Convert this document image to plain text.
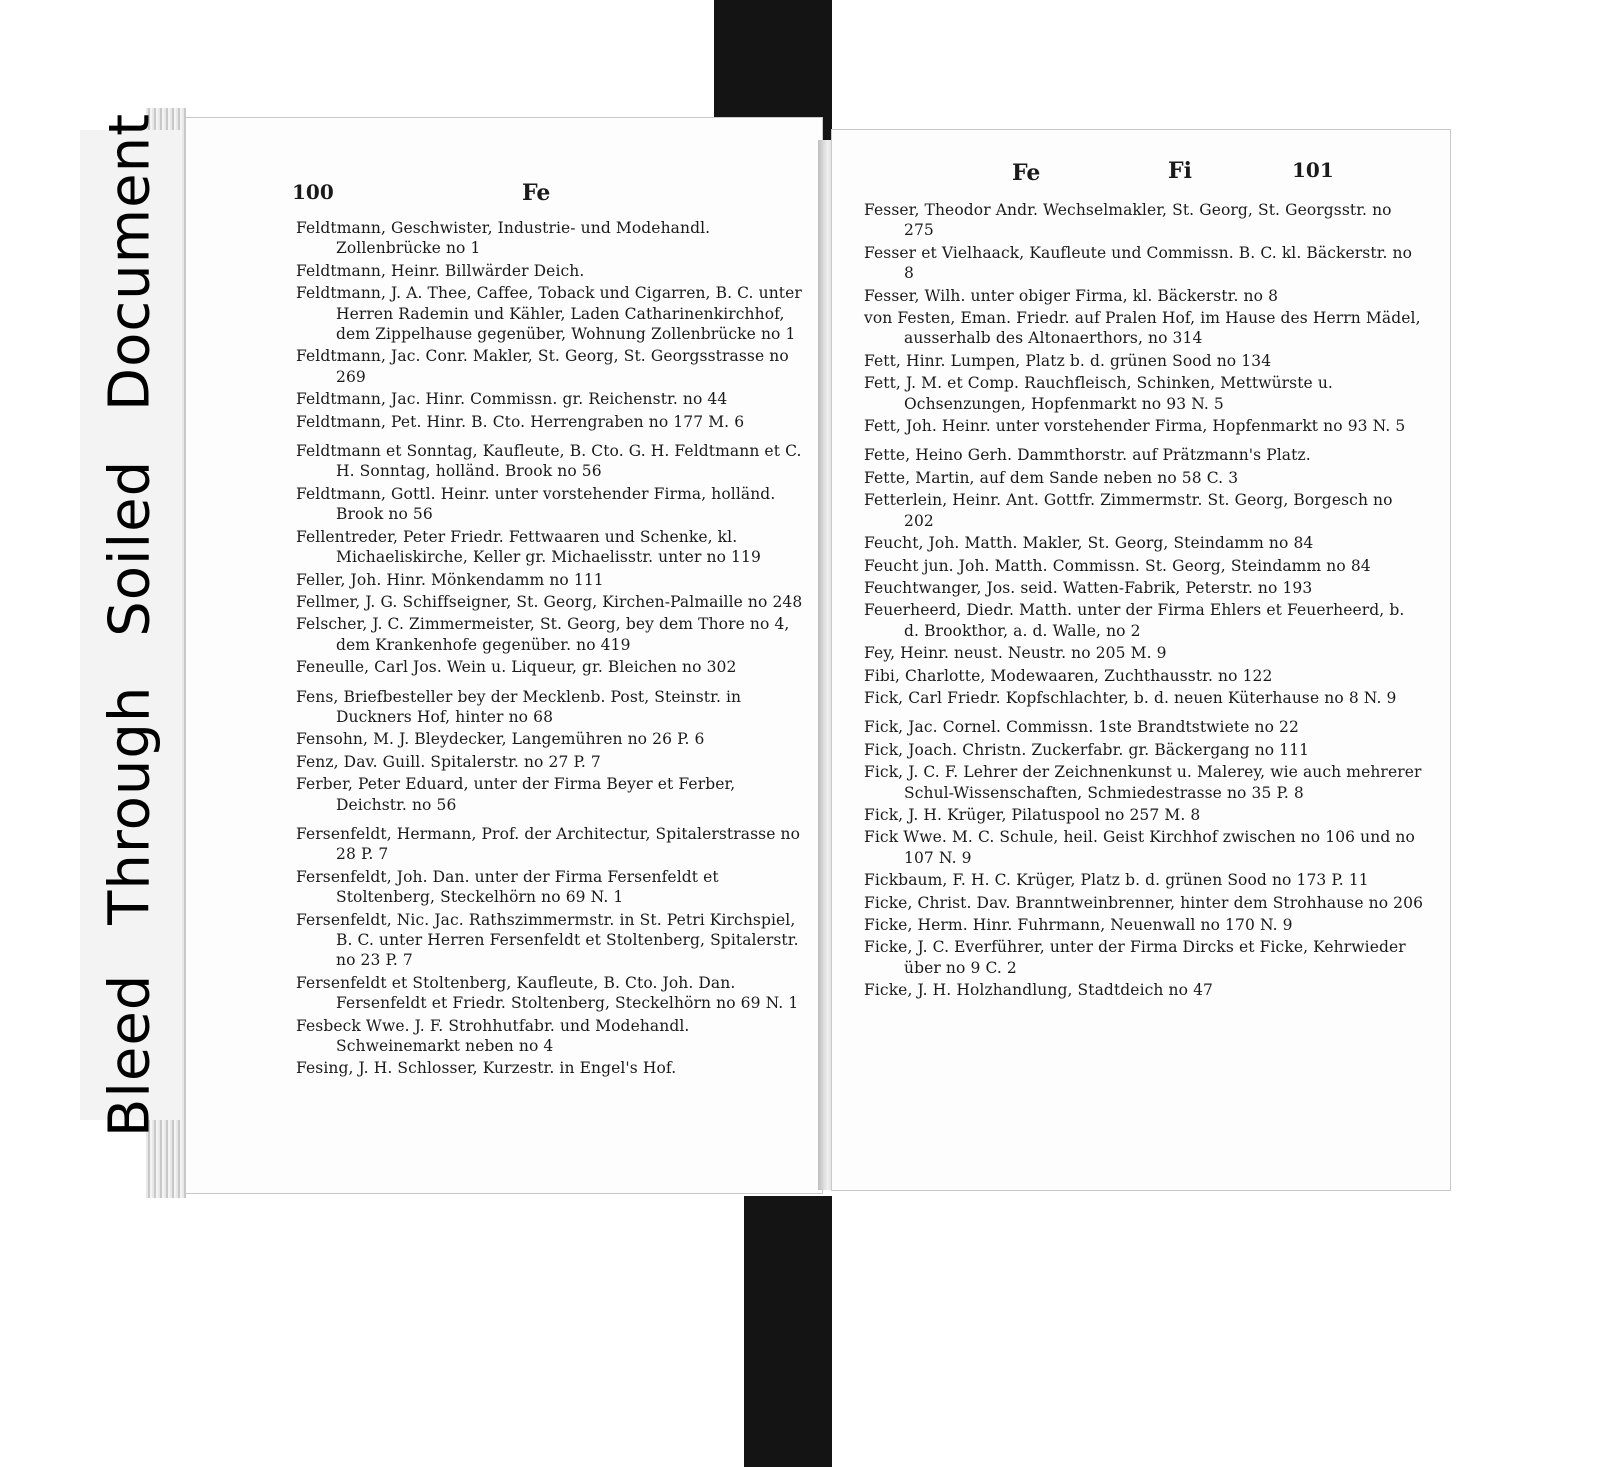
100	Fe
Feldtmann, Geschwister, Industrie- und Modehandl. Zollenbrücke no 1
Feldtmann, Heinr. Billwärder Deich.
Feldtmann, J. A. Thee, Caffee, Toback und Cigarren, B. C. unter Herren Rademin und Kähler, Laden Catharinenkirchhof, dem Zippelhause gegenüber, Wohnung Zollenbrücke no 1
Feldtmann, Jac. Conr. Makler, St. Georg, St. Georgsstrasse no 269
Feldtmann, Jac. Hinr. Commissn. gr. Reichenstr. no 44
Feldtmann, Pet. Hinr. B. Cto. Herrengraben no 177 M. 6
Feldtmann et Sonntag, Kaufleute, B. Cto. G. H. Feldtmann et C. H. Sonntag, holländ. Brook no 56
Feldtmann, Gottl. Heinr. unter vorstehender Firma, holländ. Brook no 56
Fellentreder, Peter Friedr. Fettwaaren und Schenke, kl. Michaeliskirche, Keller gr. Michaelisstr. unter no 119
Feller, Joh. Hinr. Mönkendamm no 111
Fellmer, J. G. Schiffseigner, St. Georg, Kirchen-Palmaille no 248
Felscher, J. C. Zimmermeister, St. Georg, bey dem Thore no 4, dem Krankenhofe gegenüber. no 419
Feneulle, Carl Jos. Wein u. Liqueur, gr. Bleichen no 302
Fens, Briefbesteller bey der Mecklenb. Post, Steinstr. in Duckners Hof, hinter no 68
Fensohn, M. J. Bleydecker, Langemühren no 26 P. 6
Fenz, Dav. Guill. Spitalerstr. no 27 P. 7
Ferber, Peter Eduard, unter der Firma Beyer et Ferber, Deichstr. no 56
Fersenfeldt, Hermann, Prof. der Architectur, Spitalerstrasse no 28 P. 7
Fersenfeldt, Joh. Dan. unter der Firma Fersenfeldt et Stoltenberg, Steckelhörn no 69 N. 1
Fersenfeldt, Nic. Jac. Rathszimmermstr. in St. Petri Kirchspiel, B. C. unter Herren Fersenfeldt et Stoltenberg, Spitalerstr. no 23 P. 7
Fersenfeldt et Stoltenberg, Kaufleute, B. Cto. Joh. Dan. Fersenfeldt et Friedr. Stoltenberg, Steckelhörn no 69 N. 1
Fesbeck Wwe. J. F. Strohhutfabr. und Modehandl. Schweinemarkt neben no 4
Fesing, J. H. Schlosser, Kurzestr. in Engel's Hof.
Fe	Fi	101
Fesser, Theodor Andr. Wechselmakler, St. Georg, St. Georgsstr. no 275
Fesser et Vielhaack, Kaufleute und Commissn. B. C. kl. Bäckerstr. no 8
Fesser, Wilh. unter obiger Firma, kl. Bäckerstr. no 8
von Festen, Eman. Friedr. auf Pralen Hof, im Hause des Herrn Mädel, ausserhalb des Altonaerthors, no 314
Fett, Hinr. Lumpen, Platz b. d. grünen Sood no 134
Fett, J. M. et Comp. Rauchfleisch, Schinken, Mettwürste u. Ochsenzungen, Hopfenmarkt no 93 N. 5
Fett, Joh. Heinr. unter vorstehender Firma, Hopfenmarkt no 93 N. 5
Fette, Heino Gerh. Dammthorstr. auf Prätzmann's Platz.
Fette, Martin, auf dem Sande neben no 58 C. 3
Fetterlein, Heinr. Ant. Gottfr. Zimmermstr. St. Georg, Borgesch no 202
Feucht, Joh. Matth. Makler, St. Georg, Steindamm no 84
Feucht jun. Joh. Matth. Commissn. St. Georg, Steindamm no 84
Feuchtwanger, Jos. seid. Watten-Fabrik, Peterstr. no 193
Feuerheerd, Diedr. Matth. unter der Firma Ehlers et Feuerheerd, b. d. Brookthor, a. d. Walle, no 2
Fey, Heinr. neust. Neustr. no 205 M. 9
Fibi, Charlotte, Modewaaren, Zuchthausstr. no 122
Fick, Carl Friedr. Kopfschlachter, b. d. neuen Küterhause no 8 N. 9
Fick, Jac. Cornel. Commissn. 1ste Brandtstwiete no 22
Fick, Joach. Christn. Zuckerfabr. gr. Bäckergang no 111
Fick, J. C. F. Lehrer der Zeichnenkunst u. Malerey, wie auch mehrerer Schul-Wissenschaften, Schmiedestrasse no 35 P. 8
Fick, J. H. Krüger, Pilatuspool no 257 M. 8
Fick Wwe. M. C. Schule, heil. Geist Kirchhof zwischen no 106 und no 107 N. 9
Fickbaum, F. H. C. Krüger, Platz b. d. grünen Sood no 173 P. 11
Ficke, Christ. Dav. Branntweinbrenner, hinter dem Strohhause no 206
Ficke, Herm. Hinr. Fuhrmann, Neuenwall no 170 N. 9
Ficke, J. C. Everführer, unter der Firma Dircks et Ficke, Kehrwieder über no 9 C. 2
Ficke, J. H. Holzhandlung, Stadtdeich no 47
Bleed Through Soiled Document
